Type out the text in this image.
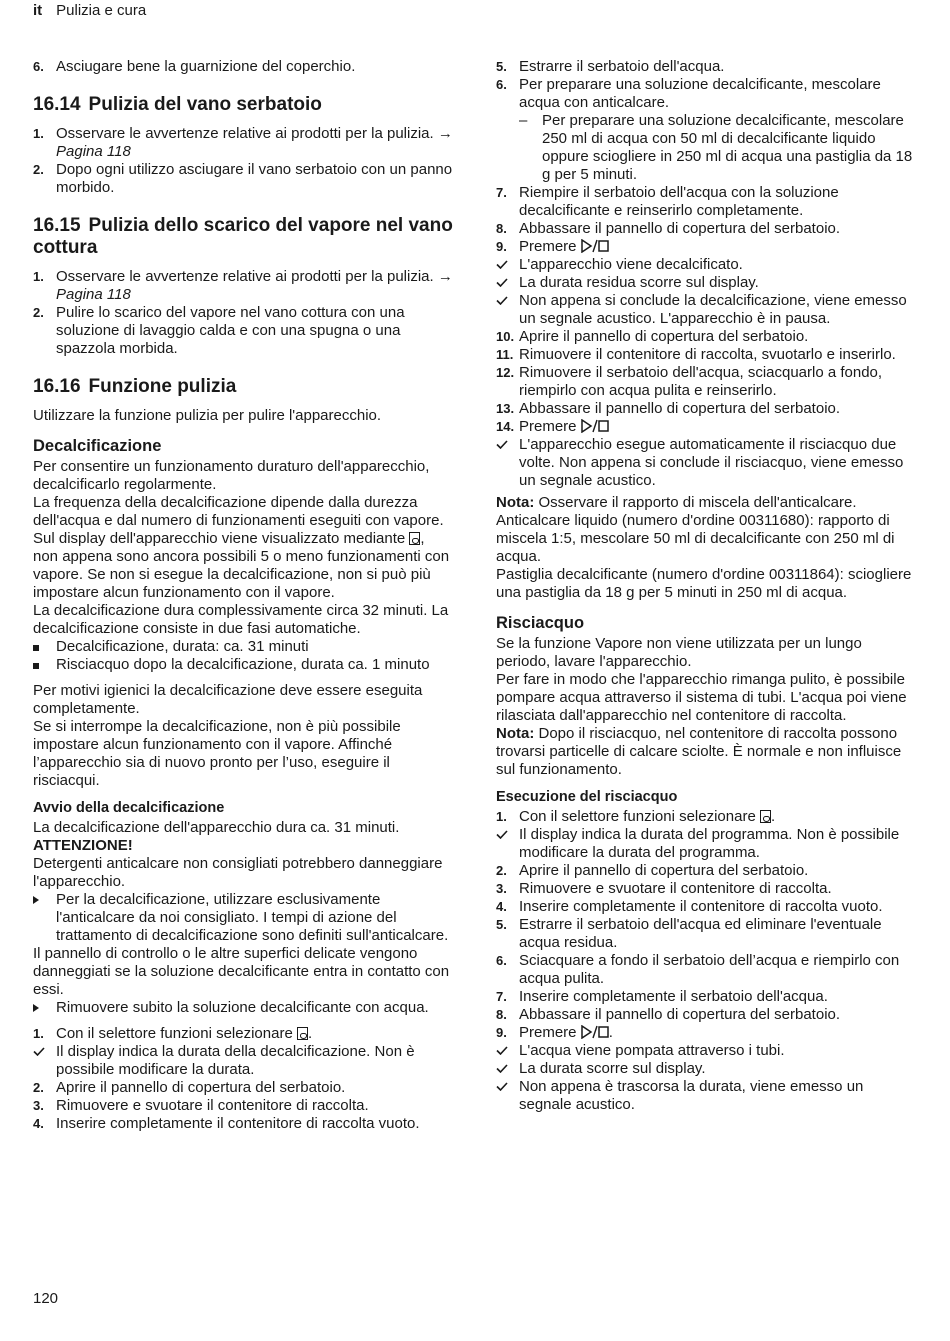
it Pulizia e cura
6. Asciugare bene la guarnizione del coperchio.
16.14 Pulizia del vano serbatoio
1. Osservare le avvertenze relative ai prodotti per la pulizia. → Pagina 118
2. Dopo ogni utilizzo asciugare il vano serbatoio con un panno morbido.
16.15 Pulizia dello scarico del vapore nel vano cottura
1. Osservare le avvertenze relative ai prodotti per la pulizia. → Pagina 118
2. Pulire lo scarico del vapore nel vano cottura con una soluzione di lavaggio calda e con una spugna o una spazzola morbida.
16.16 Funzione pulizia

Utilizzare la funzione pulizia per pulire l'apparecchio.

Decalcificazione

Per consentire un funzionamento duraturo dell'apparecchio, decalcificarlo regolarmente.

La frequenza della decalcificazione dipende dalla durezza dell'acqua e dal numero di funzionamenti eseguiti con vapore. Sul display dell'apparecchio viene visualizzato mediante , non appena sono ancora possibili 5 o meno funzionamenti con vapore. Se non si esegue la decalcificazione, non si può più impostare alcun funzionamento con il vapore.

La decalcificazione dura complessivamente circa 32 minuti. La decalcificazione consiste in due fasi automatiche.

Decalcificazione, durata: ca. 31 minuti
Risciacquo dopo la decalcificazione, durata ca. 1 minuto

Per motivi igienici la decalcificazione deve essere eseguita completamente.

Se si interrompe la decalcificazione, non è più possibile impostare alcun funzionamento con il vapore. Affinché l’apparecchio sia di nuovo pronto per l’uso, eseguire il risciacqui.

Avvio della decalcificazione

La decalcificazione dell'apparecchio dura ca. 31 minuti.

ATTENZIONE!

Detergenti anticalcare non consigliati potrebbero danneggiare l'apparecchio.

Per la decalcificazione, utilizzare esclusivamente l'anticalcare da noi consigliato. I tempi di azione del trattamento di decalcificazione sono definiti sull'anticalcare.

Il pannello di controllo o le altre superfici delicate vengono danneggiati se la soluzione decalcificante entra in contatto con essi.

Rimuovere subito la soluzione decalcificante con acqua.
1. Con il selettore funzioni selezionare .
Il display indica la durata della decalcificazione. Non è possibile modificare la durata.
2. Aprire il pannello di copertura del serbatoio.
3. Rimuovere e svuotare il contenitore di raccolta.
4. Inserire completamente il contenitore di raccolta vuoto.
5. Estrarre il serbatoio dell'acqua.
6. Per preparare una soluzione decalcificante, mescolare acqua con anticalcare.
– Per preparare una soluzione decalcificante, mescolare 250 ml di acqua con 50 ml di decalcificante liquido oppure sciogliere in 250 ml di acqua una pastiglia da 18 g per 5 minuti.
7. Riempire il serbatoio dell'acqua con la soluzione decalcificante e reinserirlo completamente.
8. Abbassare il pannello di copertura del serbatoio.
9. Premere
L'apparecchio viene decalcificato.
La durata residua scorre sul display.
Non appena si conclude la decalcificazione, viene emesso un segnale acustico. L'apparecchio è in pausa.
10. Aprire il pannello di copertura del serbatoio.
11. Rimuovere il contenitore di raccolta, svuotarlo e inserirlo.
12. Rimuovere il serbatoio dell'acqua, sciacquarlo a fondo, riempirlo con acqua pulita e reinserirlo.
13. Abbassare il pannello di copertura del serbatoio.
14. Premere
L'apparecchio esegue automaticamente il risciacquo due volte. Non appena si conclude il risciacquo, viene emesso un segnale acustico.

Nota: Osservare il rapporto di miscela dell'anticalcare.

Anticalcare liquido (numero d'ordine 00311680): rapporto di miscela 1:5, mescolare 50 ml di decalcificante con 250 ml di acqua.

Pastiglia decalcificante (numero d'ordine 00311864): sciogliere una pastiglia da 18 g per 5 minuti in 250 ml di acqua.

Risciacquo

Se la funzione Vapore non viene utilizzata per un lungo periodo, lavare l'apparecchio.

Per fare in modo che l'apparecchio rimanga pulito, è possibile pompare acqua attraverso il sistema di tubi. L'acqua poi viene rilasciata dall'apparecchio nel contenitore di raccolta.

Nota: Dopo il risciacquo, nel contenitore di raccolta possono trovarsi particelle di calcare sciolte. È normale e non influisce sul funzionamento.

Esecuzione del risciacquo
1. Con il selettore funzioni selezionare .
Il display indica la durata del programma. Non è possibile modificare la durata del programma.
2. Aprire il pannello di copertura del serbatoio.
3. Rimuovere e svuotare il contenitore di raccolta.
4. Inserire completamente il contenitore di raccolta vuoto.
5. Estrarre il serbatoio dell'acqua ed eliminare l'eventuale acqua residua.
6. Sciacquare a fondo il serbatoio dell’acqua e riempirlo con acqua pulita.
7. Inserire completamente il serbatoio dell'acqua.
8. Abbassare il pannello di copertura del serbatoio.
9. Premere .
L'acqua viene pompata attraverso i tubi.
La durata scorre sul display.
Non appena è trascorsa la durata, viene emesso un segnale acustico.
120
